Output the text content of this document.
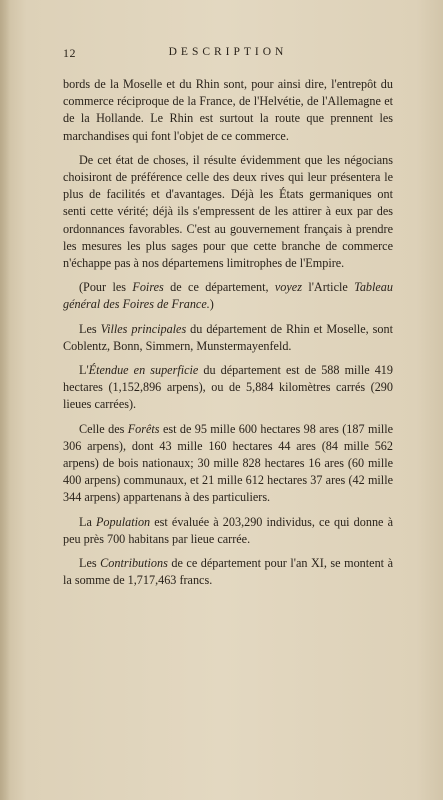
12	DESCRIPTION

bords de la Moselle et du Rhin sont, pour ainsi dire, l'entrepôt du commerce réciproque de la France, de l'Helvétie, de l'Allemagne et de la Hollande. Le Rhin est surtout la route que prennent les marchandises qui font l'objet de ce commerce.

De cet état de choses, il résulte évidemment que les négocians choisiront de préférence celle des deux rives qui leur présentera le plus de facilités et d'avantages. Déjà les États germaniques ont senti cette vérité; déjà ils s'empressent de les attirer à eux par des ordonnances favorables. C'est au gouvernement français à prendre les mesures les plus sages pour que cette branche de commerce n'échappe pas à nos départemens limitrophes de l'Empire.

(Pour les Foires de ce département, voyez l'Article Tableau général des Foires de France.)

Les Villes principales du département de Rhin et Moselle, sont Coblentz, Bonn, Simmern, Munstermayenfeld.

L'Étendue en superficie du département est de 588 mille 419 hectares (1,152,896 arpens), ou de 5,884 kilomètres carrés (290 lieues carrées).

Celle des Forêts est de 95 mille 600 hectares 98 ares (187 mille 306 arpens), dont 43 mille 160 hectares 44 ares (84 mille 562 arpens) de bois nationaux; 30 mille 828 hectares 16 ares (60 mille 400 arpens) communaux, et 21 mille 612 hectares 37 ares (42 mille 344 arpens) appartenans à des particuliers.

La Population est évaluée à 203,290 individus, ce qui donne à peu près 700 habitans par lieue carrée.

Les Contributions de ce département pour l'an XI, se montent à la somme de 1,717,463 francs.
